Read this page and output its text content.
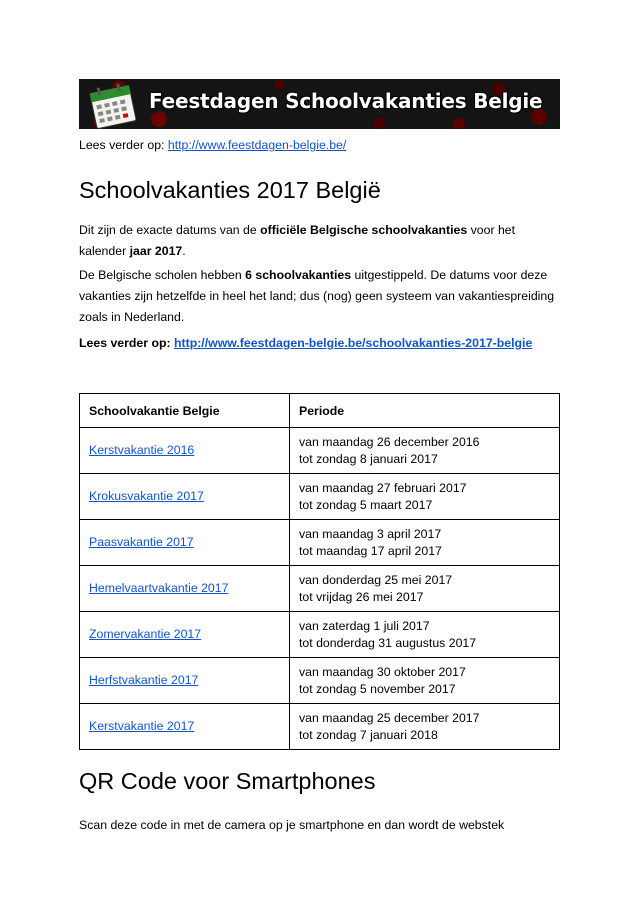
Feestdagen Schoolvakanties Belgie
Lees verder op: http://www.feestdagen-belgie.be/
Schoolvakanties 2017 België

Dit zijn de exacte datums van de officiële Belgische schoolvakanties voor het kalender jaar 2017.

De Belgische scholen hebben 6 schoolvakanties uitgestippeld. De datums voor deze vakanties zijn hetzelfde in heel het land; dus (nog) geen systeem van vakantiespreiding zoals in Nederland.

Lees verder op: http://www.feestdagen-belgie.be/schoolvakanties-2017-belgie

Schoolvakantie Belgie	Periode
Kerstvakantie 2016	van maandag 26 december 2016
tot zondag 8 januari 2017

Krokusvakantie 2017	van maandag 27 februari 2017
tot zondag 5 maart 2017

Paasvakantie 2017	van maandag 3 april 2017
tot maandag 17 april 2017

Hemelvaartvakantie 2017	van donderdag 25 mei 2017
tot vrijdag 26 mei 2017

Zomervakantie 2017	van zaterdag 1 juli 2017
tot donderdag 31 augustus 2017

Herfstvakantie 2017	van maandag 30 oktober 2017
tot zondag 5 november 2017

Kerstvakantie 2017	van maandag 25 december 2017
tot zondag 7 januari 2018
QR Code voor Smartphones

Scan deze code in met de camera op je smartphone en dan wordt de webstek
